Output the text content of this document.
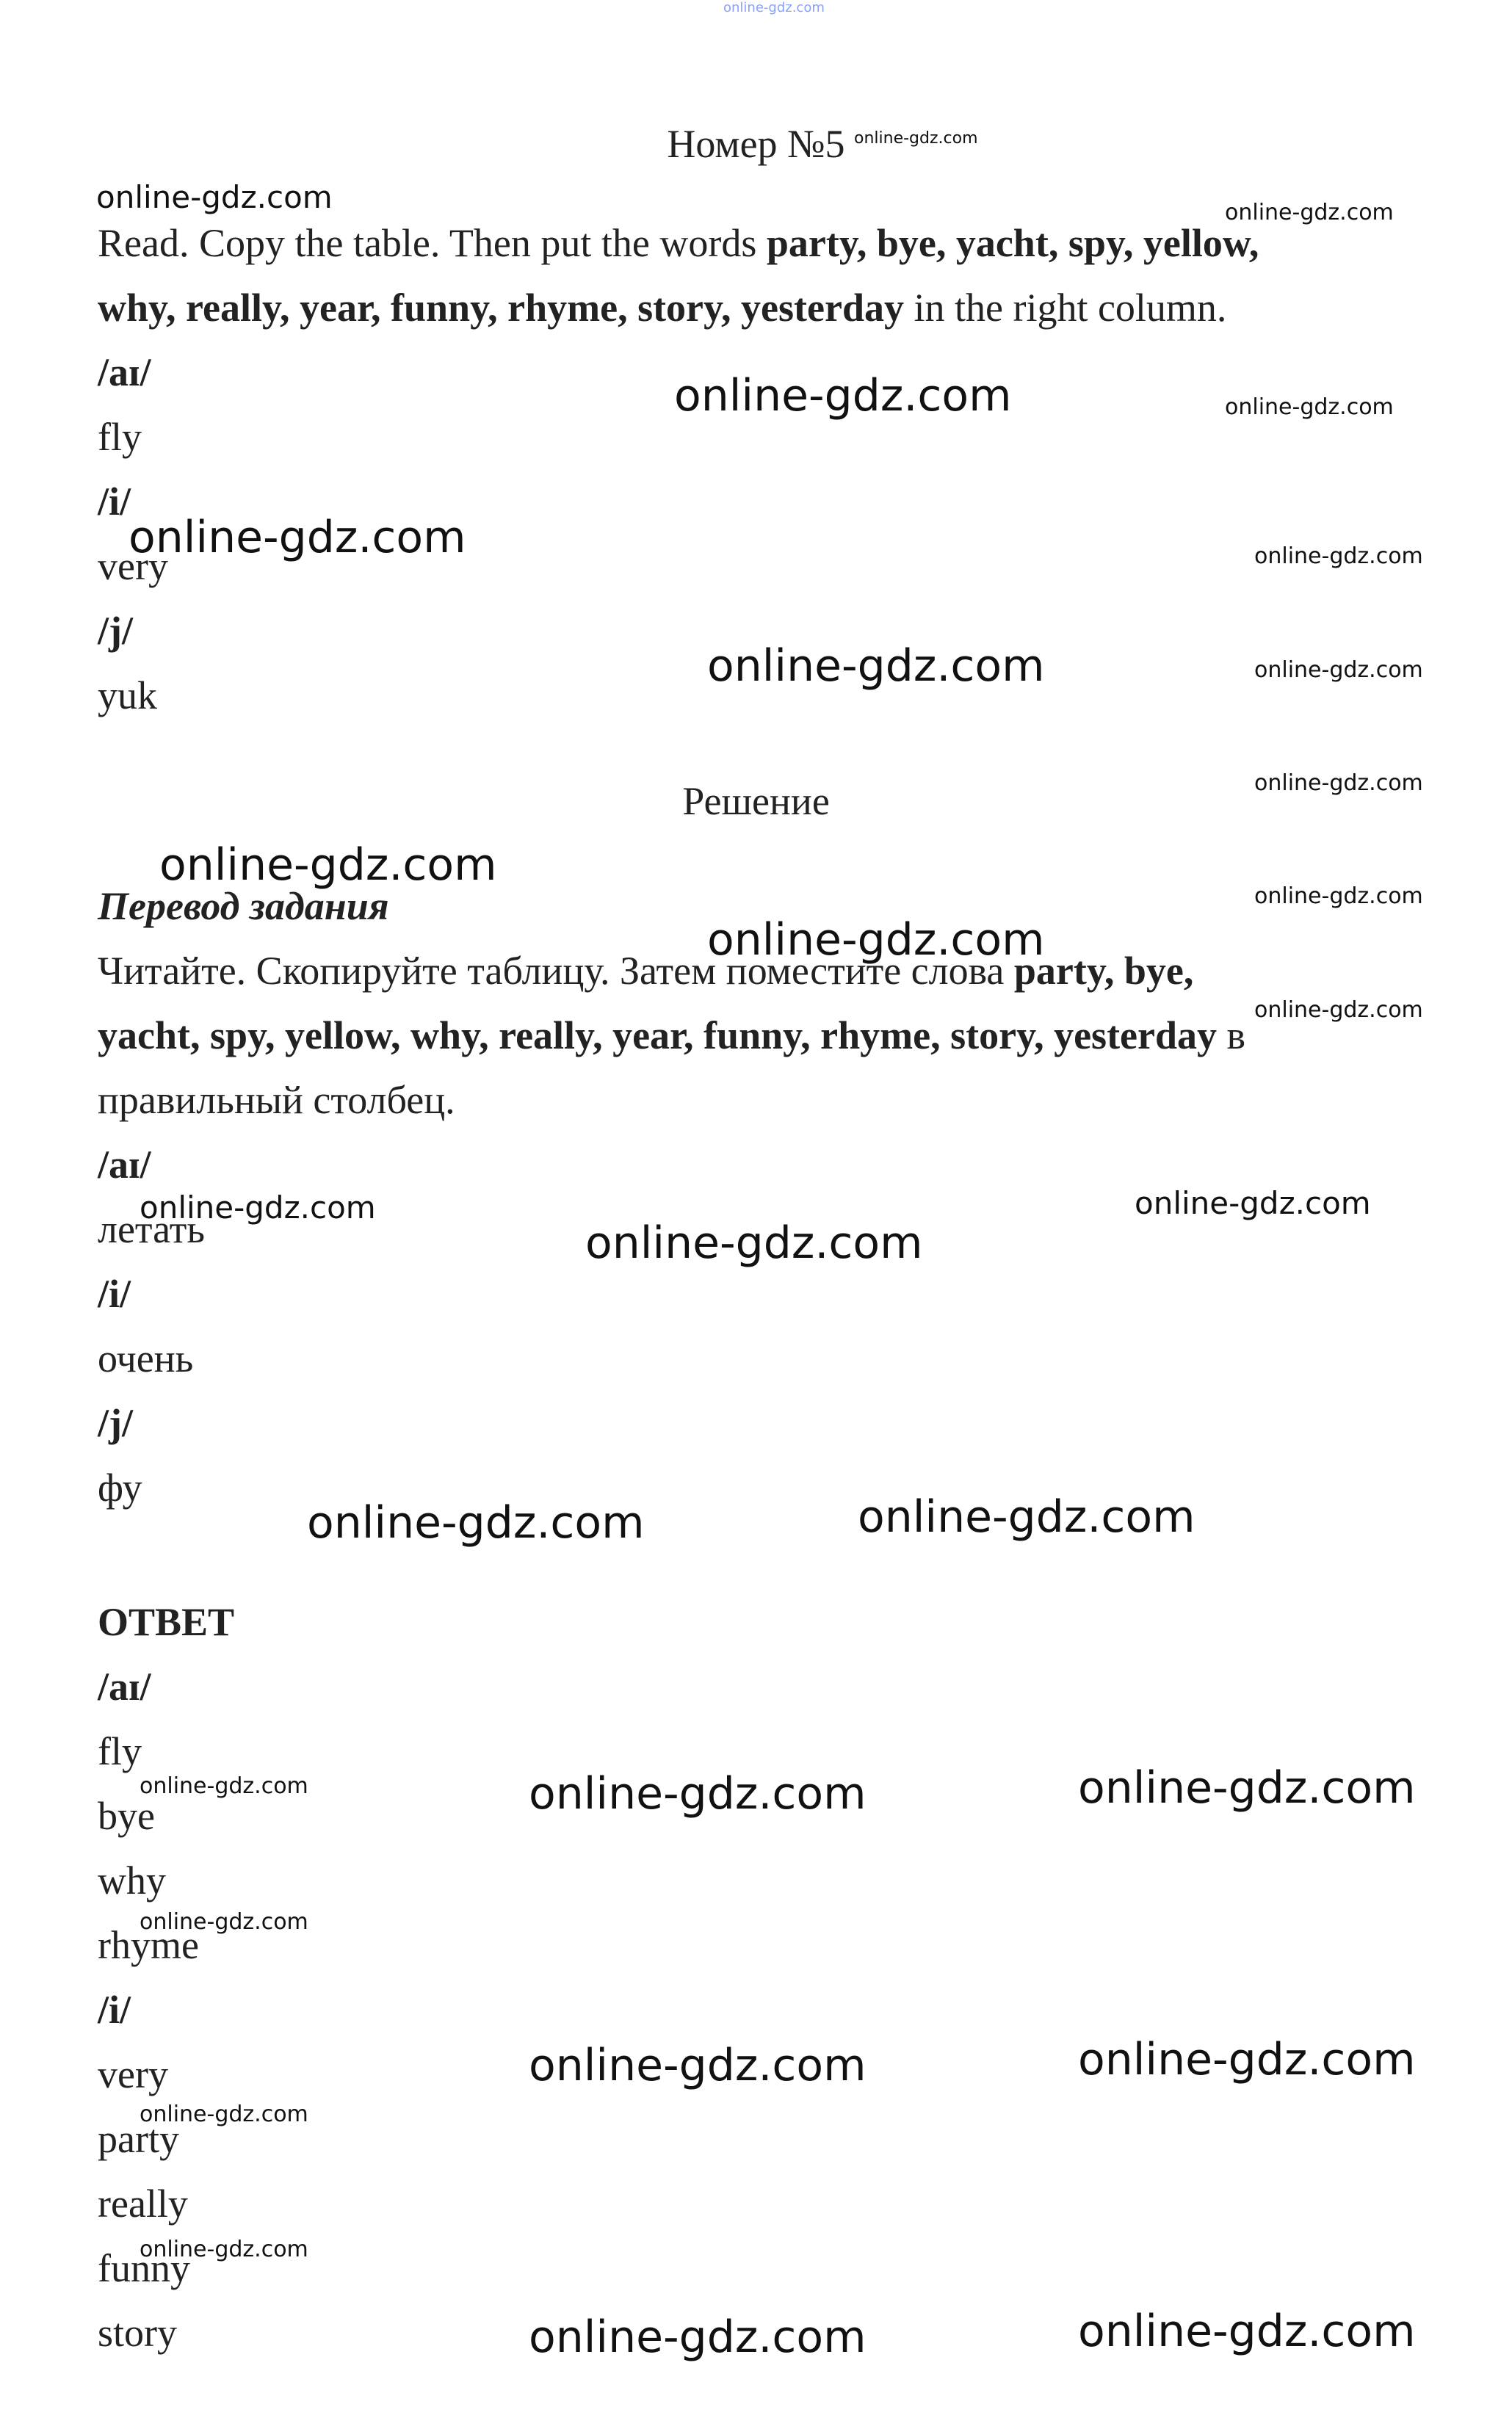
online-gdz.com
Номер №5
Read. Copy the table. Then put the words party, bye, yacht, spy, yellow,
why, really, year, funny, rhyme, story, yesterday in the right column.
/aɪ/
fly
/i/
very
/j/
yuk
Решение
Перевод задания
Читайте. Скопируйте таблицу. Затем поместите слова party, bye,
yacht, spy, yellow, why, really, year, funny, rhyme, story, yesterday в
правильный столбец.
/aɪ/
летать
/i/
очень
/j/
фу
ОТВЕТ
/aɪ/
fly
bye
why
rhyme
/i/
very
party
really
funny
story
online-gdz.com
online-gdz.com	online-gdz.com
online-gdz.com	online-gdz.com
online-gdz.com	online-gdz.com
online-gdz.com	online-gdz.com
online-gdz.com
online-gdz.com
online-gdz.com
online-gdz.com
online-gdz.com
online-gdz.com
online-gdz.com
online-gdz.com
online-gdz.com
online-gdz.com
online-gdz.com
online-gdz.com
online-gdz.com
online-gdz.com
online-gdz.com
online-gdz.com
online-gdz.com
online-gdz.com
online-gdz.com
online-gdz.com
